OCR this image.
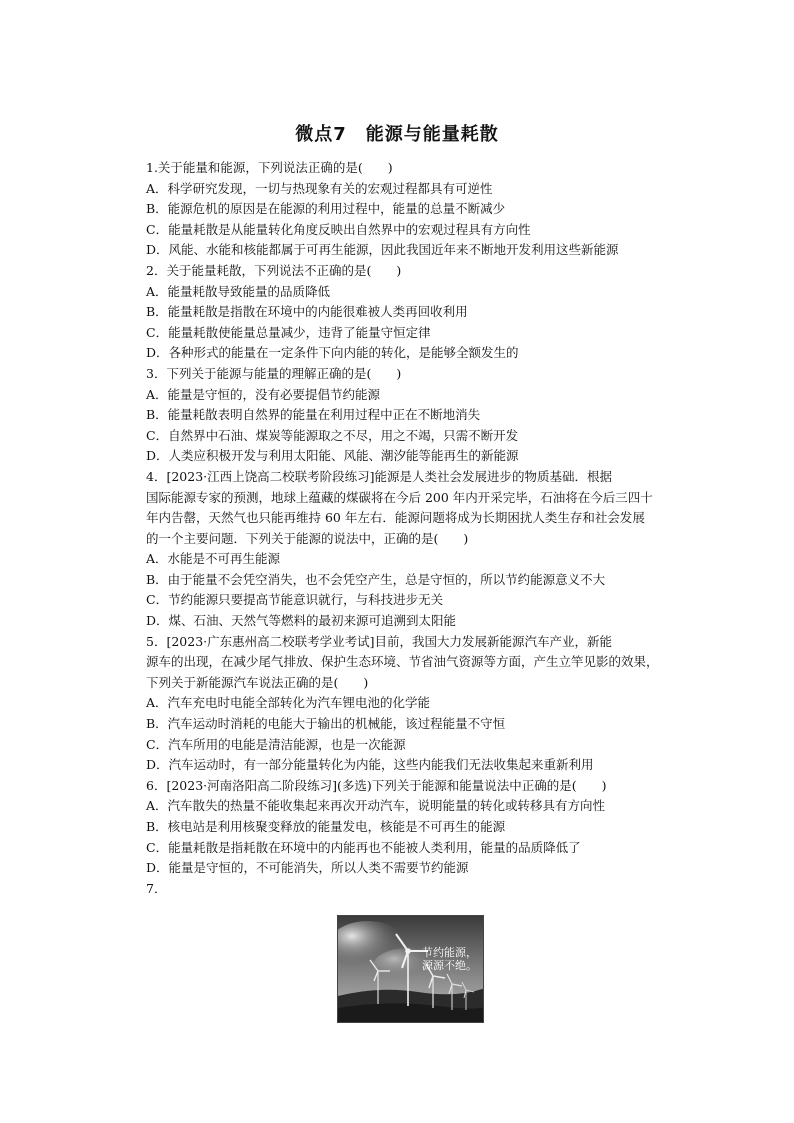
微点7　能源与能量耗散
1.关于能量和能源，下列说法正确的是(　　)
A．科学研究发现，一切与热现象有关的宏观过程都具有可逆性
B．能源危机的原因是在能源的利用过程中，能量的总量不断减少
C．能量耗散是从能量转化角度反映出自然界中的宏观过程具有方向性
D．风能、水能和核能都属于可再生能源，因此我国近年来不断地开发利用这些新能源
2．关于能量耗散，下列说法不正确的是(　　)
A．能量耗散导致能量的品质降低
B．能量耗散是指散在环境中的内能很难被人类再回收利用
C．能量耗散使能量总量减少，违背了能量守恒定律
D．各种形式的能量在一定条件下向内能的转化，是能够全额发生的
3．下列关于能源与能量的理解正确的是(　　)
A．能量是守恒的，没有必要提倡节约能源
B．能量耗散表明自然界的能量在利用过程中正在不断地消失
C．自然界中石油、煤炭等能源取之不尽，用之不竭，只需不断开发
D．人类应积极开发与利用太阳能、风能、潮汐能等能再生的新能源
4．[2023·江西上饶高二校联考阶段练习]能源是人类社会发展进步的物质基础．根据
国际能源专家的预测，地球上蕴藏的煤碳将在今后 200 年内开采完毕，石油将在今后三四十
年内告罄，天然气也只能再维持 60 年左右．能源问题将成为长期困扰人类生存和社会发展
的一个主要问题．下列关于能源的说法中，正确的是(　　)
A．水能是不可再生能源
B．由于能量不会凭空消失，也不会凭空产生，总是守恒的，所以节约能源意义不大
C．节约能源只要提高节能意识就行，与科技进步无关
D．煤、石油、天然气等燃料的最初来源可追溯到太阳能
5．[2023·广东惠州高二校联考学业考试]目前，我国大力发展新能源汽车产业，新能
源车的出现，在减少尾气排放、保护生态环境、节省油气资源等方面，产生立竿见影的效果，
下列关于新能源汽车说法正确的是(　　)
A．汽车充电时电能全部转化为汽车锂电池的化学能
B．汽车运动时消耗的电能大于输出的机械能，该过程能量不守恒
C．汽车所用的电能是清洁能源，也是一次能源
D．汽车运动时，有一部分能量转化为内能，这些内能我们无法收集起来重新利用
6．[2023·河南洛阳高二阶段练习](多选)下列关于能源和能量说法中正确的是(　　)
A．汽车散失的热量不能收集起来再次开动汽车，说明能量的转化或转移具有方向性
B．核电站是利用核聚变释放的能量发电，核能是不可再生的能源
C．能量耗散是指耗散在环境中的内能再也不能被人类利用，能量的品质降低了
D．能量是守恒的，不可能消失，所以人类不需要节约能源
7．
节约能源，
源源不绝。
